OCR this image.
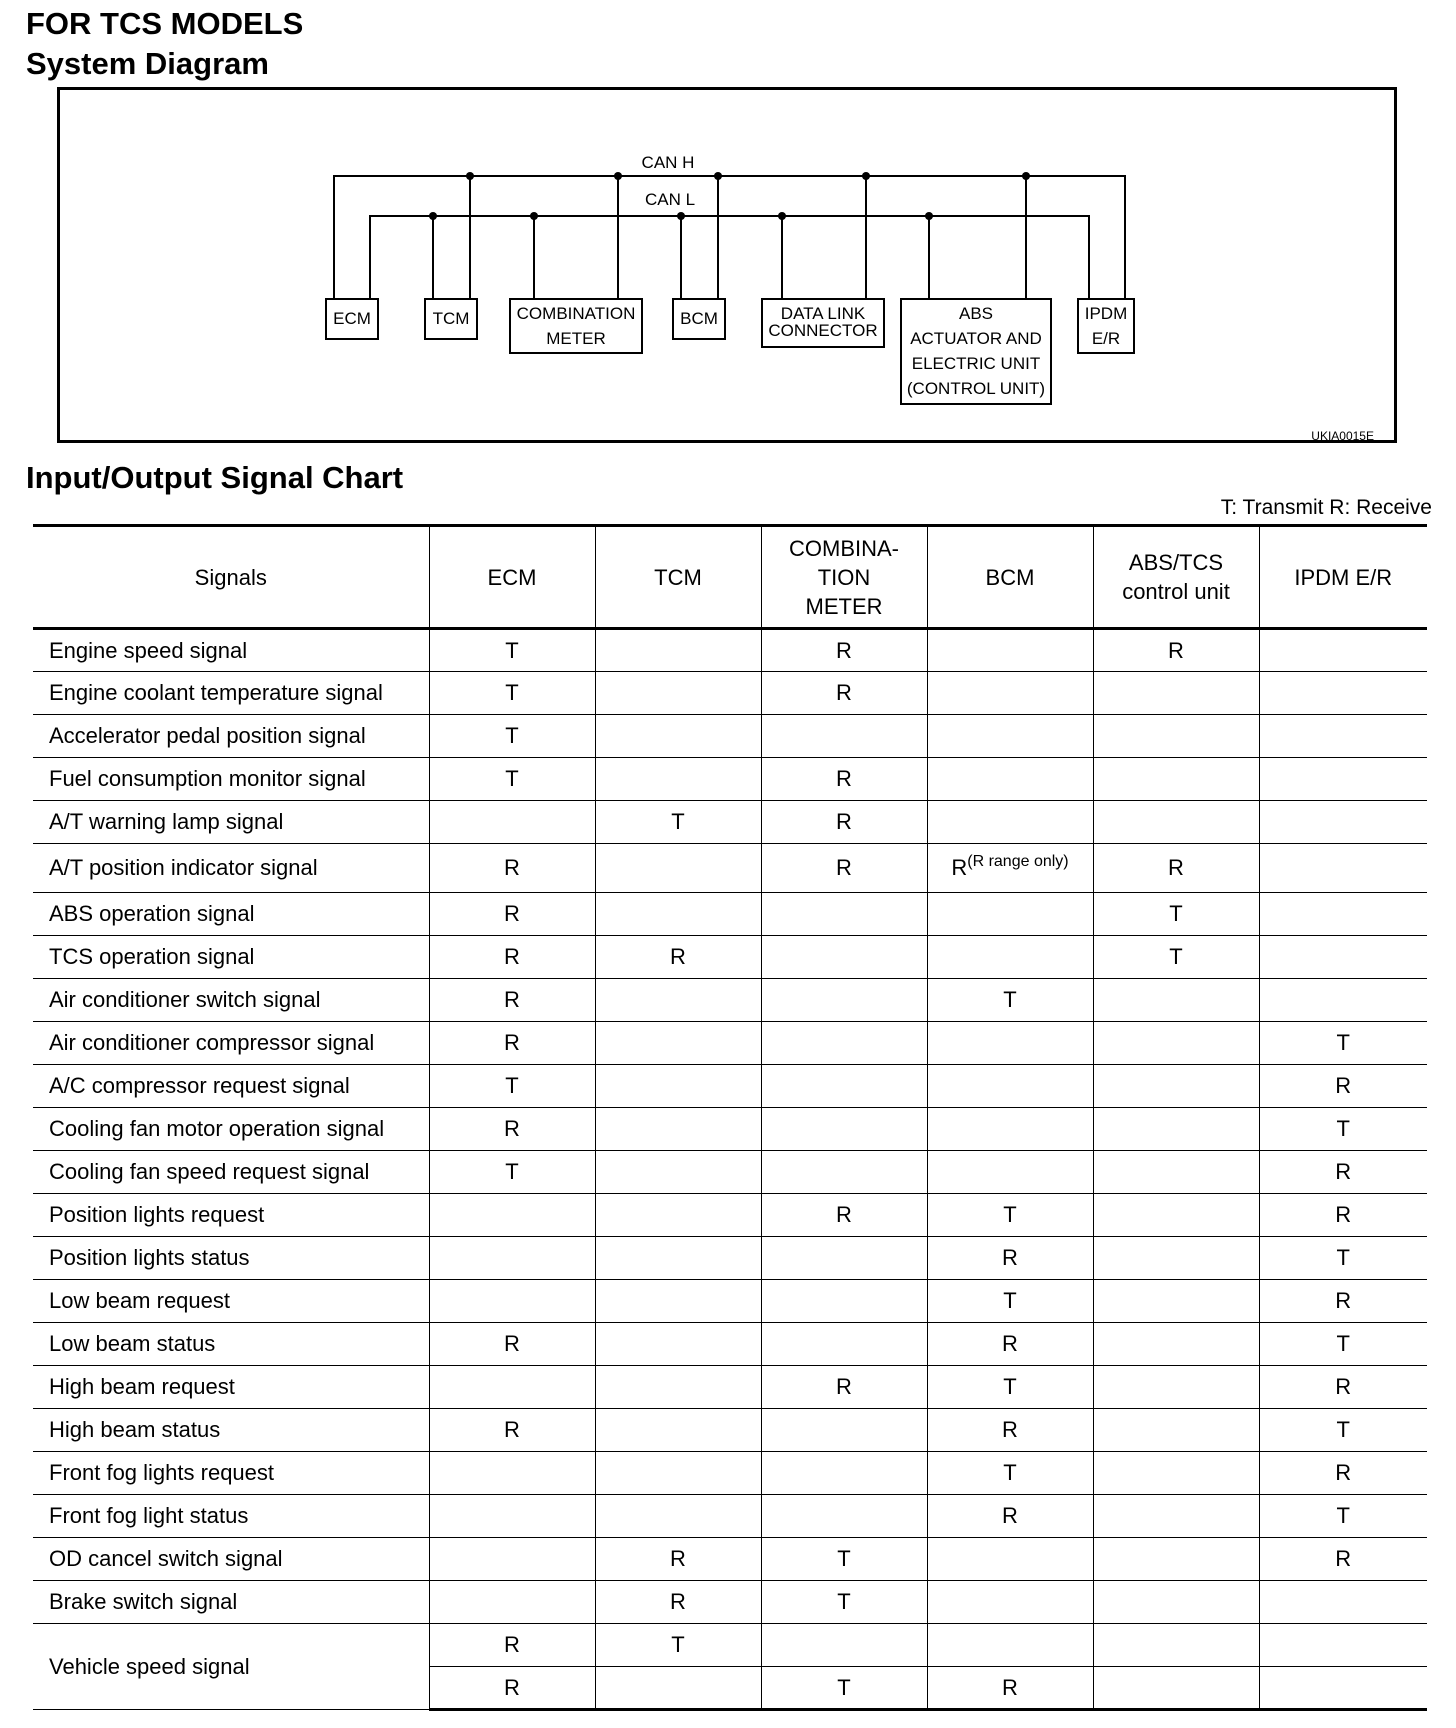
FOR TCS MODELS
System Diagram
CAN H
CAN L
ECM	TCM	COMBINATION
METER
BCM	DATA LINK
CONNECTOR
ABS
ACTUATOR AND
ELECTRIC UNIT
(CONTROL UNIT)
IPDM
E/R
UKIA0015E
Input/Output Signal Chart
T: Transmit R: Receive
Signals	ECM	TCM	COMBINA-
TION
METER	BCM	ABS/TCS
control unit	IPDM E/R
Engine speed signal	T		R		R	
Engine coolant temperature signal	T		R			
Accelerator pedal position signal	T					
Fuel consumption monitor signal	T		R			
A/T warning lamp signal		T	R			
A/T position indicator signal	R		R	$R^{(R range only)}$	R	
ABS operation signal	R				T	
TCS operation signal	R	R			T	
Air conditioner switch signal	R			T		
Air conditioner compressor signal	R					T
A/C compressor request signal	T					R
Cooling fan motor operation signal	R					T
Cooling fan speed request signal	T					R
Position lights request			R	T		R
Position lights status				R		T
Low beam request				T		R
Low beam status	R			R		T
High beam request			R	T		R
High beam status	R			R		T
Front fog lights request				T		R
Front fog light status				R		T
OD cancel switch signal		R	T			R
Brake switch signal		R	T			
Vehicle speed signal	R	T				
	R		T	R		
